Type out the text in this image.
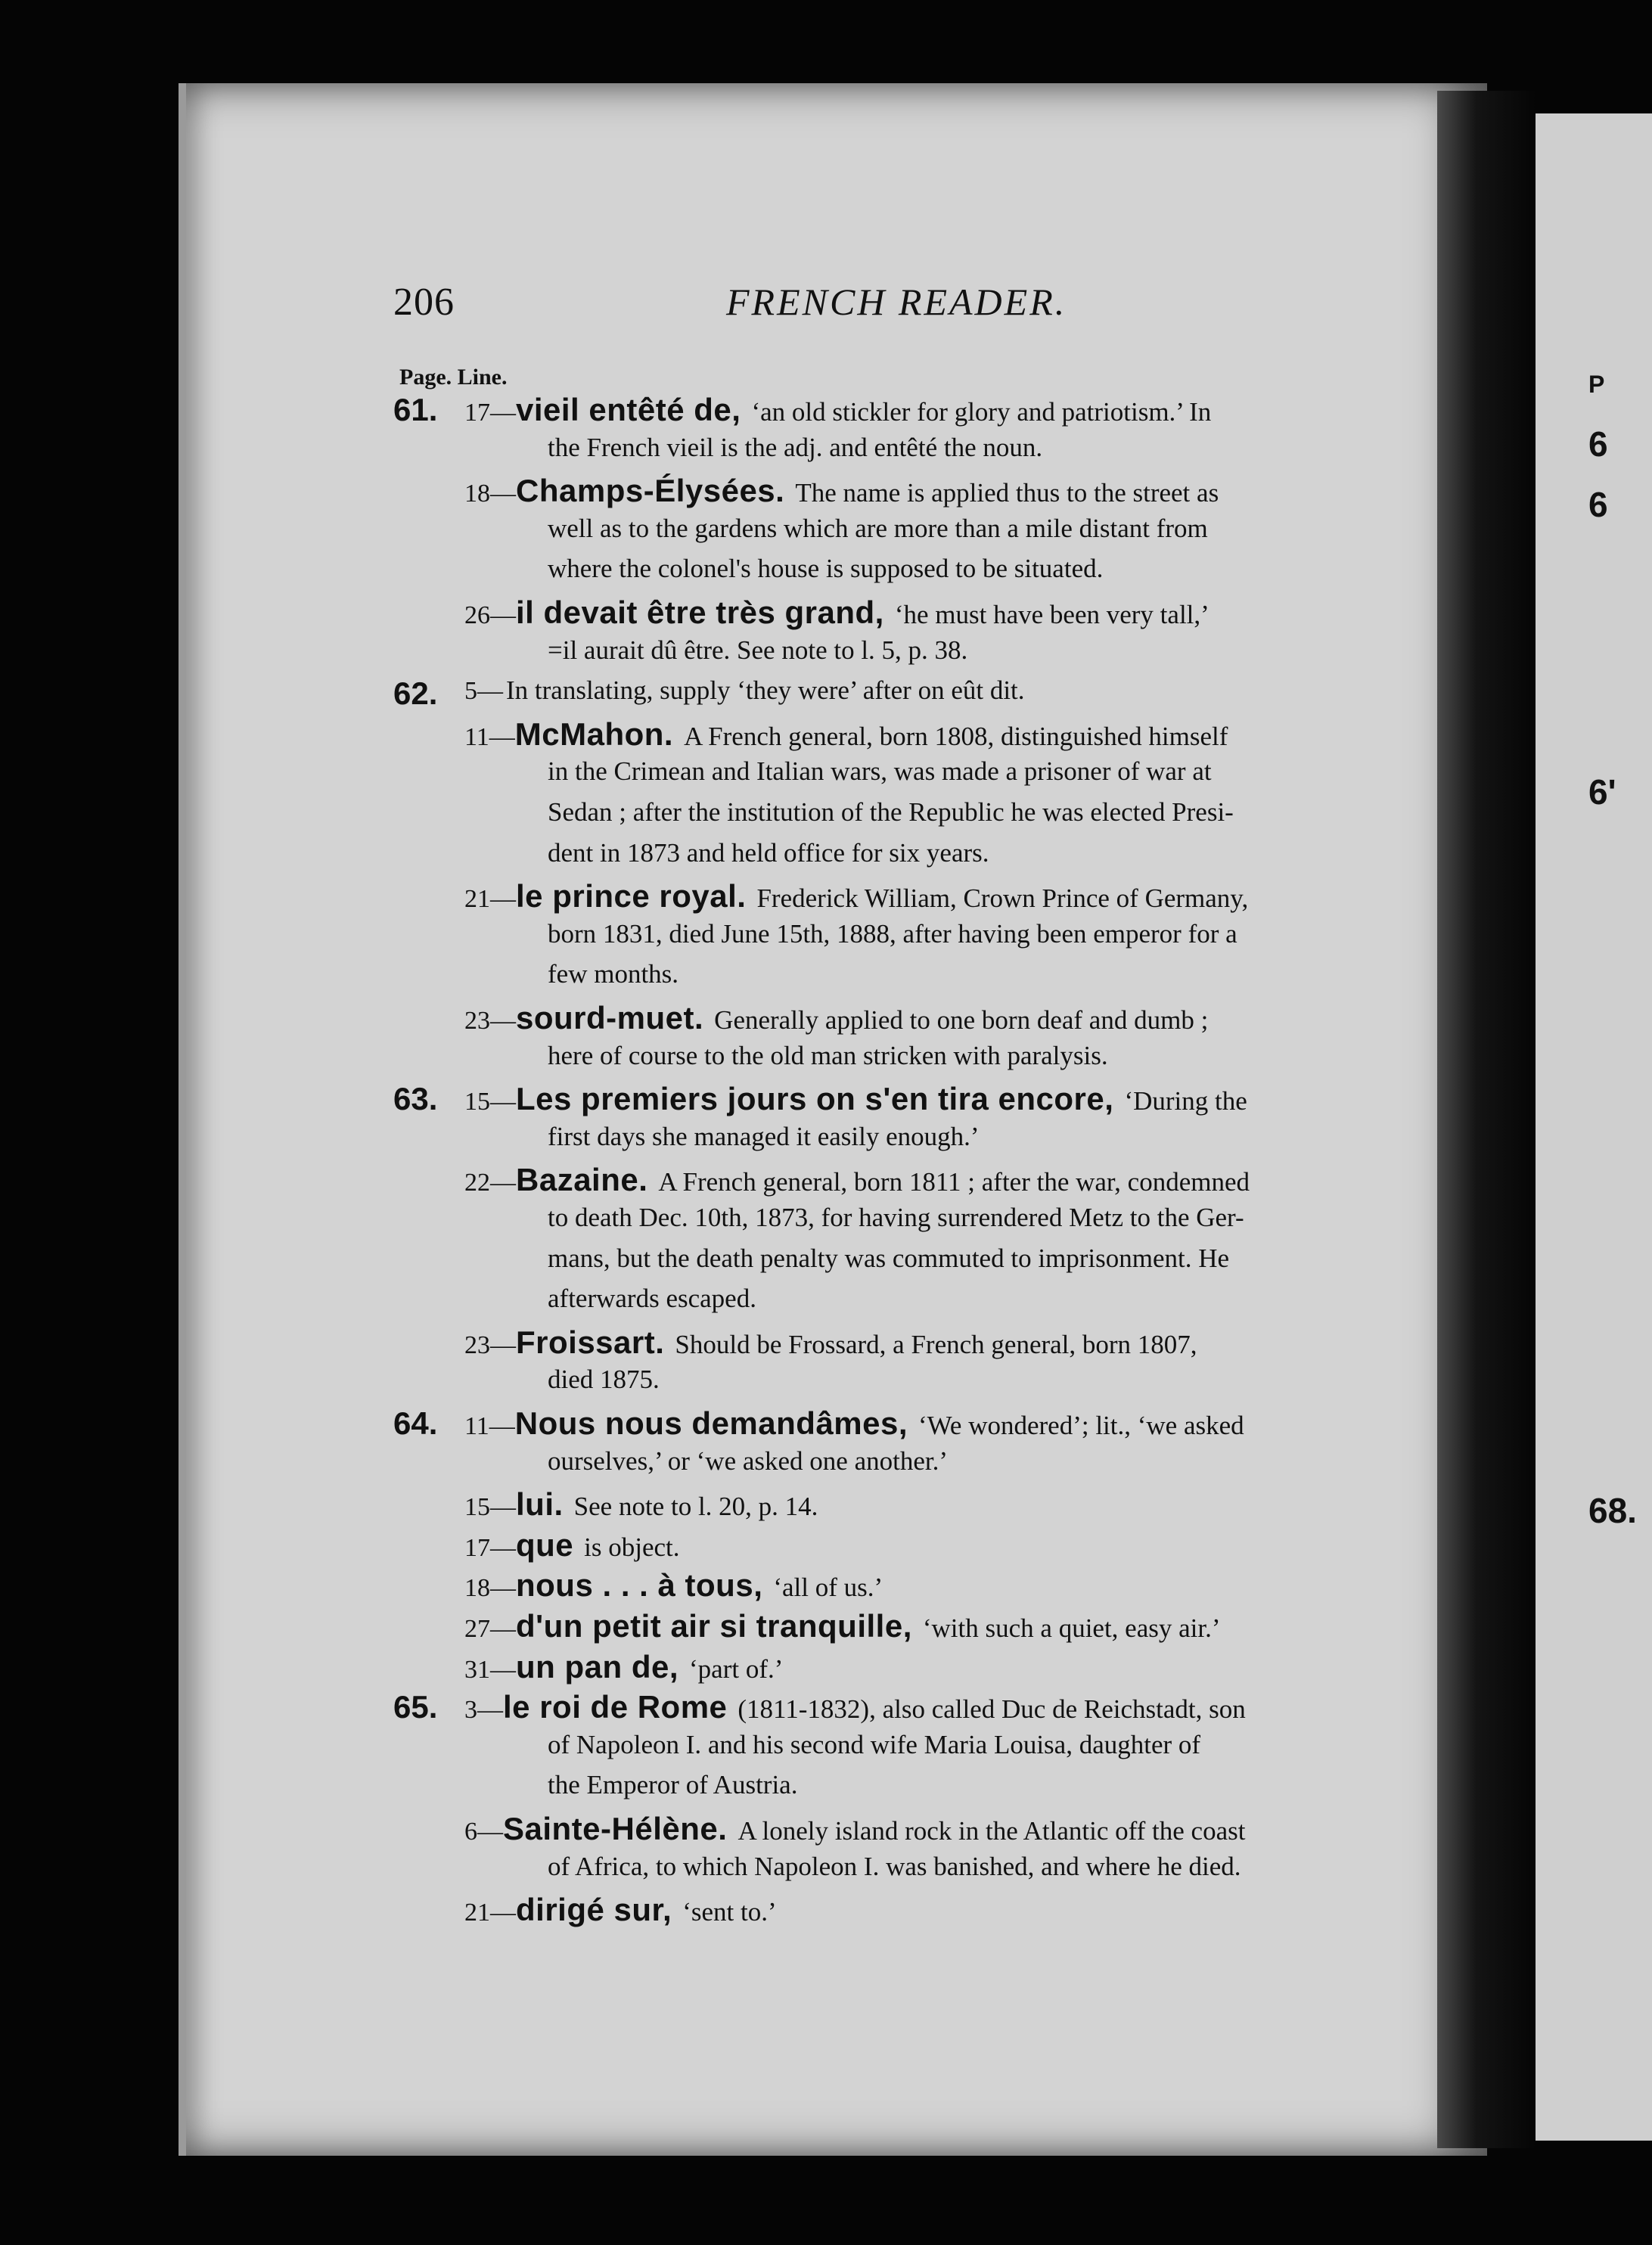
P
6
6
6'
68.
206	FRENCH READER.
Page. Line.
61. 17—vieil entêté de, ‘an old stickler for glory and patriotism.’ In
the French vieil is the adj. and entêté the noun.
18—Champs-Élysées. The name is applied thus to the street as
well as to the gardens which are more than a mile distant from
where the colonel's house is supposed to be situated.
26—il devait être très grand, ‘he must have been very tall,’
=il aurait dû être. See note to l. 5, p. 38.
62. 5— In translating, supply ‘they were’ after on eût dit.
11—McMahon. A French general, born 1808, distinguished himself
in the Crimean and Italian wars, was made a prisoner of war at
Sedan ; after the institution of the Republic he was elected Presi-
dent in 1873 and held office for six years.
21—le prince royal. Frederick William, Crown Prince of Germany,
born 1831, died June 15th, 1888, after having been emperor for a
few months.
23—sourd-muet. Generally applied to one born deaf and dumb ;
here of course to the old man stricken with paralysis.
63. 15—Les premiers jours on s'en tira encore, ‘During the
first days she managed it easily enough.’
22—Bazaine. A French general, born 1811 ; after the war, condemned
to death Dec. 10th, 1873, for having surrendered Metz to the Ger-
mans, but the death penalty was commuted to imprisonment. He
afterwards escaped.
23—Froissart. Should be Frossard, a French general, born 1807,
died 1875.
64. 11—Nous nous demandâmes, ‘We wondered’; lit., ‘we asked
ourselves,’ or ‘we asked one another.’
15—lui. See note to l. 20, p. 14.
17—que is object.
18—nous . . . à tous, ‘all of us.’
27—d'un petit air si tranquille, ‘with such a quiet, easy air.’
31—un pan de, ‘part of.’
65. 3—le roi de Rome (1811-1832), also called Duc de Reichstadt, son
of Napoleon I. and his second wife Maria Louisa, daughter of
the Emperor of Austria.
6—Sainte-Hélène. A lonely island rock in the Atlantic off the coast
of Africa, to which Napoleon I. was banished, and where he died.
21—dirigé sur, ‘sent to.’
